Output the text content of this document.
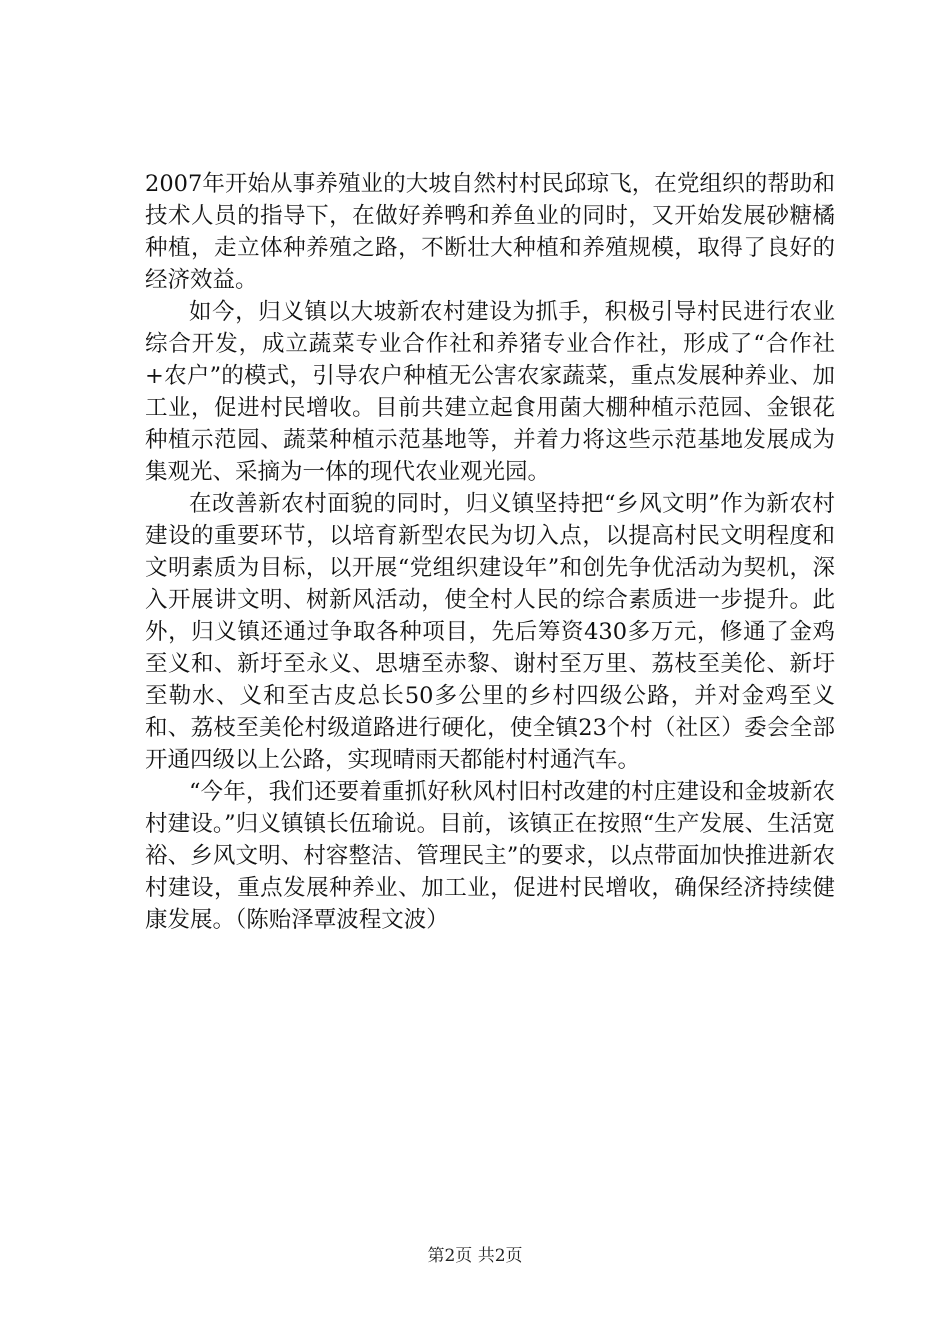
2007年开始从事养殖业的大坡自然村村民邱琼飞，在党组织的帮助和技术人员的指导下，在做好养鸭和养鱼业的同时，又开始发展砂糖橘种植，走立体种养殖之路，不断壮大种植和养殖规模，取得了良好的经济效益。

如今，归义镇以大坡新农村建设为抓手，积极引导村民进行农业综合开发，成立蔬菜专业合作社和养猪专业合作社，形成了“合作社+农户”的模式，引导农户种植无公害农家蔬菜，重点发展种养业、加工业，促进村民增收。目前共建立起食用菌大棚种植示范园、金银花种植示范园、蔬菜种植示范基地等，并着力将这些示范基地发展成为集观光、采摘为一体的现代农业观光园。

在改善新农村面貌的同时，归义镇坚持把“乡风文明”作为新农村建设的重要环节，以培育新型农民为切入点，以提高村民文明程度和文明素质为目标，以开展“党组织建设年”和创先争优活动为契机，深入开展讲文明、树新风活动，使全村人民的综合素质进一步提升。此外，归义镇还通过争取各种项目，先后筹资430多万元，修通了金鸡至义和、新圩至永义、思塘至赤黎、谢村至万里、荔枝至美伦、新圩至勒水、义和至古皮总长50多公里的乡村四级公路，并对金鸡至义和、荔枝至美伦村级道路进行硬化，使全镇23个村（社区）委会全部开通四级以上公路，实现晴雨天都能村村通汽车。

“今年，我们还要着重抓好秋风村旧村改建的村庄建设和金坡新农村建设。”归义镇镇长伍瑜说。目前，该镇正在按照“生产发展、生活宽裕、乡风文明、村容整洁、管理民主”的要求，以点带面加快推进新农村建设，重点发展种养业、加工业，促进村民增收，确保经济持续健康发展。（陈贻泽覃波程文波）

第2页 共2页
